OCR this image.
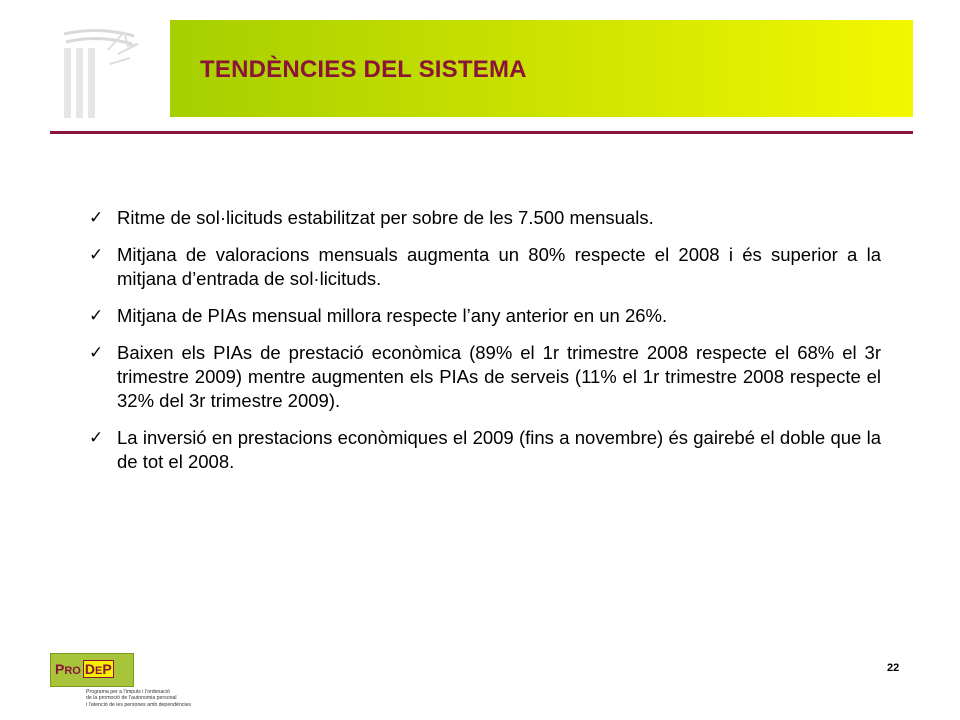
TENDÈNCIES DEL SISTEMA
✓ Ritme de sol·licituds estabilitzat per sobre de les 7.500 mensuals.
✓ Mitjana de valoracions mensuals augmenta un 80% respecte el 2008 i és superior a la mitjana d’entrada de sol·licituds.
✓ Mitjana de PIAs mensual millora respecte l’any anterior en un 26%.
✓ Baixen els PIAs de prestació econòmica (89% el 1r trimestre 2008 respecte el 68% el 3r trimestre 2009) mentre augmenten els PIAs de serveis (11% el 1r trimestre 2008 respecte el 32% del 3r trimestre 2009).
✓ La inversió en prestacions econòmiques el 2009 (fins a novembre) és gairebé el doble que la de tot el 2008.
22
PRO DEP
Programa per a l’impuls i l’ordenació
de la promoció de l’autonomia personal
i l’atenció de les persones amb dependències
